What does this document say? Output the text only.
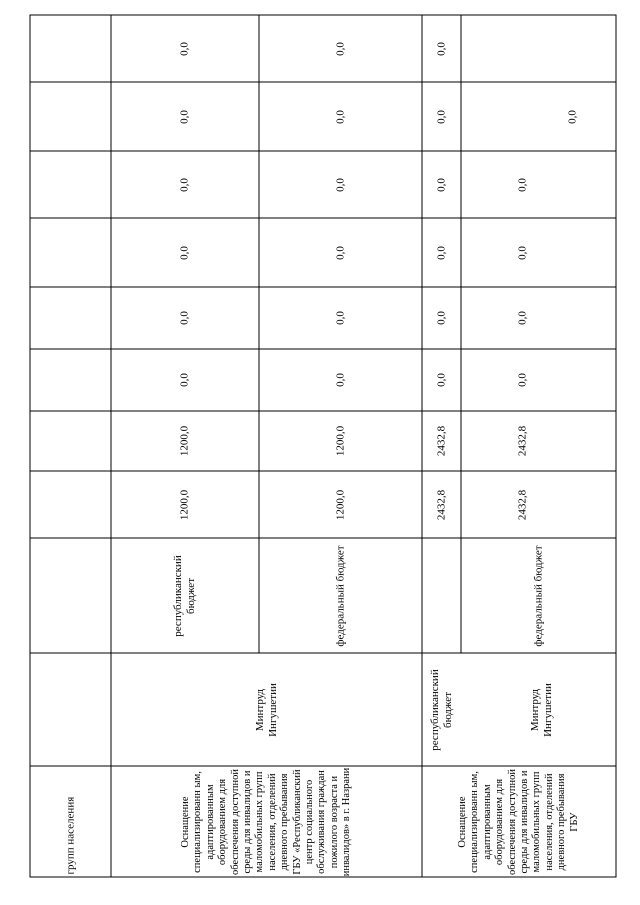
групп населения	Оснащение специализированн ым, адаптированным оборудованием для обеспечения доступной среды для инвалидов и маломобильных групп населения, отделений дневного пребывания ГБУ «Республиканский центр социального обслуживания граждан пожилого возраста и инвалидов» в г. Назрани
Минтруд Ингушетии
республиканский бюджет	федеральный бюджет
республиканский бюджет
федеральный бюджет
Минтруд Ингушетии
Оснащение специализированн ым, адаптированным оборудованием для обеспечения доступной среды для инвалидов и маломобильных групп населения, отделений дневного пребывания ГБУ
1200,0
1200,0
0,0
0,0
0,0
0,0
0,0
0,0
1200,0
1200,0
0,0
0,0
0,0
0,0
0,0
0,0
2432,8
2432,8
0,0
0,0
0,0
0,0
0,0
0,0
2432,8
2432,8
0,0
0,0
0,0
0,0
0,0
